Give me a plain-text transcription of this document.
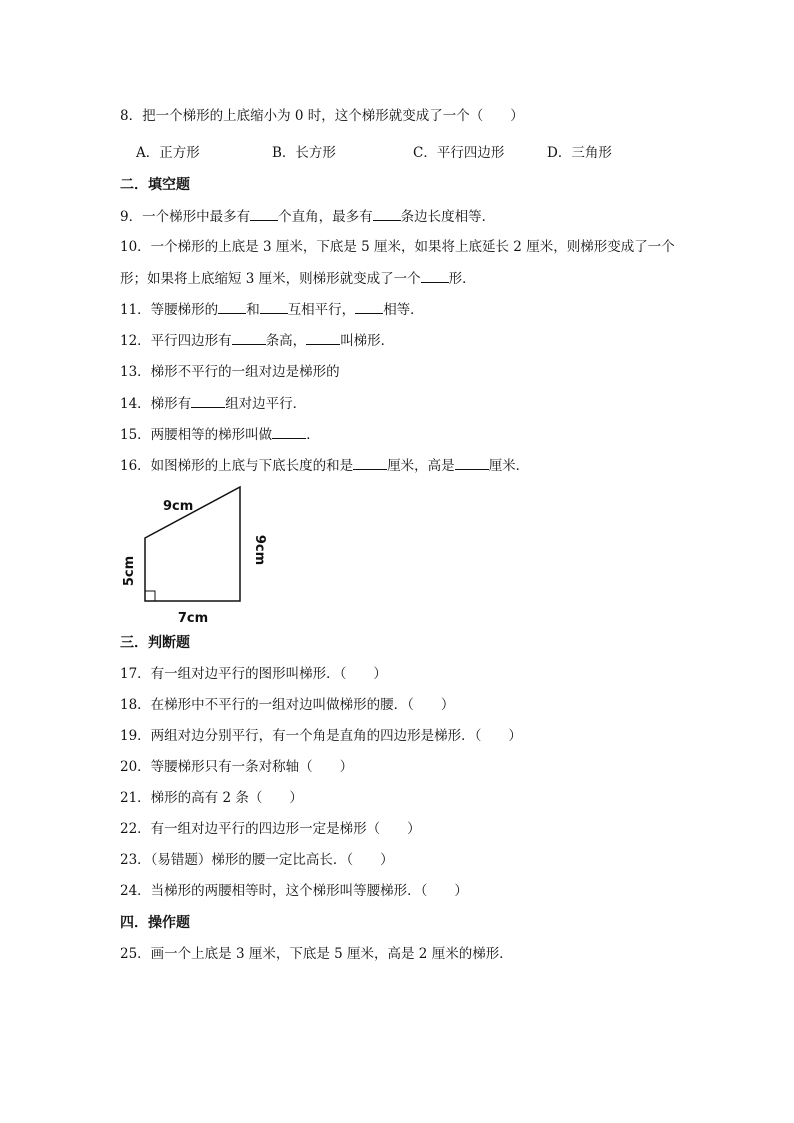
8．把一个梯形的上底缩小为 0 时，这个梯形就变成了一个（　　）
A．正方形	B．长方形	C．平行四边形	D．三角形
二．填空题
9．一个梯形中最多有 个直角，最多有 条边长度相等．
10．一个梯形的上底是 3 厘米，下底是 5 厘米，如果将上底延长 2 厘米，则梯形变成了一个
形；如果将上底缩短 3 厘米，则梯形就变成了一个 形．
11．等腰梯形的 和 互相平行， 相等．
12．平行四边形有	条高，	叫梯形．
13．梯形不平行的一组对边是梯形的
14．梯形有	组对边平行．
15．两腰相等的梯形叫做	．
16．如图梯形的上底与下底长度的和是	厘米，高是	厘米．
9cm
5cm
9cm
7cm
三．判断题
17．有一组对边平行的图形叫梯形．（　　）
18．在梯形中不平行的一组对边叫做梯形的腰．（　　）
19．两组对边分别平行，有一个角是直角的四边形是梯形．（　　）
20．等腰梯形只有一条对称轴（　　）
21．梯形的高有 2 条（　　）
22．有一组对边平行的四边形一定是梯形（　　）
23．（易错题）梯形的腰一定比高长．（　　）
24．当梯形的两腰相等时，这个梯形叫等腰梯形．（　　）
四．操作题
25．画一个上底是 3 厘米，下底是 5 厘米，高是 2 厘米的梯形．
